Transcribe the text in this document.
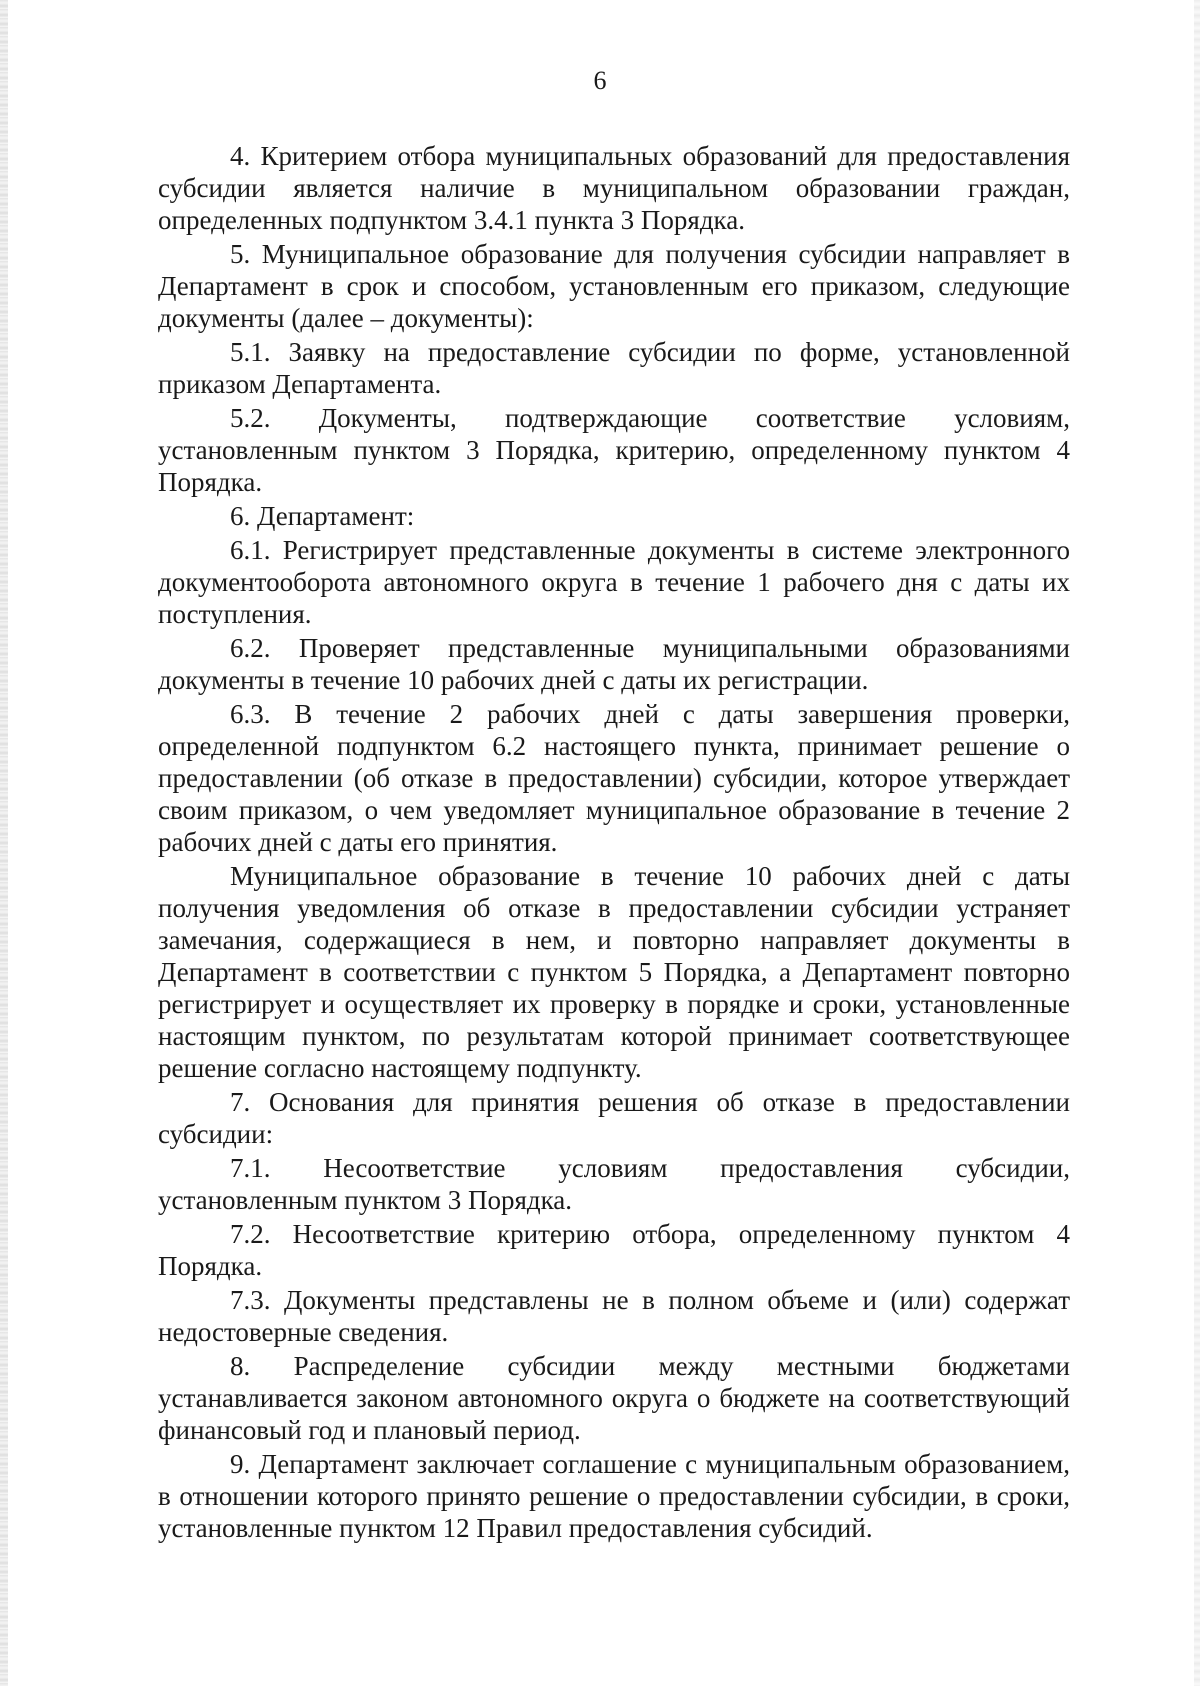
6

4. Критерием отбора муниципальных образований для предоставления субсидии является наличие в муниципальном образовании граждан, определенных подпунктом 3.4.1 пункта 3 Порядка.

5. Муниципальное образование для получения субсидии направляет в Департамент в срок и способом, установленным его приказом, следующие документы (далее – документы):

5.1. Заявку на предоставление субсидии по форме, установленной приказом Департамента.

5.2. Документы, подтверждающие соответствие условиям, установленным пунктом 3 Порядка, критерию, определенному пунктом 4 Порядка.

6. Департамент:

6.1. Регистрирует представленные документы в системе электронного документооборота автономного округа в течение 1 рабочего дня с даты их поступления.

6.2. Проверяет представленные муниципальными образованиями документы в течение 10 рабочих дней с даты их регистрации.

6.3. В течение 2 рабочих дней с даты завершения проверки, определенной подпунктом 6.2 настоящего пункта, принимает решение о предоставлении (об отказе в предоставлении) субсидии, которое утверждает своим приказом, о чем уведомляет муниципальное образование в течение 2 рабочих дней с даты его принятия.

Муниципальное образование в течение 10 рабочих дней с даты получения уведомления об отказе в предоставлении субсидии устраняет замечания, содержащиеся в нем, и повторно направляет документы в Департамент в соответствии с пунктом 5 Порядка, а Департамент повторно регистрирует и осуществляет их проверку в порядке и сроки, установленные настоящим пунктом, по результатам которой принимает соответствующее решение согласно настоящему подпункту.

7. Основания для принятия решения об отказе в предоставлении субсидии:

7.1. Несоответствие условиям предоставления субсидии, установленным пунктом 3 Порядка.

7.2. Несоответствие критерию отбора, определенному пунктом 4 Порядка.

7.3. Документы представлены не в полном объеме и (или) содержат недостоверные сведения.

8. Распределение субсидии между местными бюджетами устанавливается законом автономного округа о бюджете на соответствующий финансовый год и плановый период.

9. Департамент заключает соглашение с муниципальным образованием, в отношении которого принято решение о предоставлении субсидии, в сроки, установленные пунктом 12 Правил предоставления субсидий.
